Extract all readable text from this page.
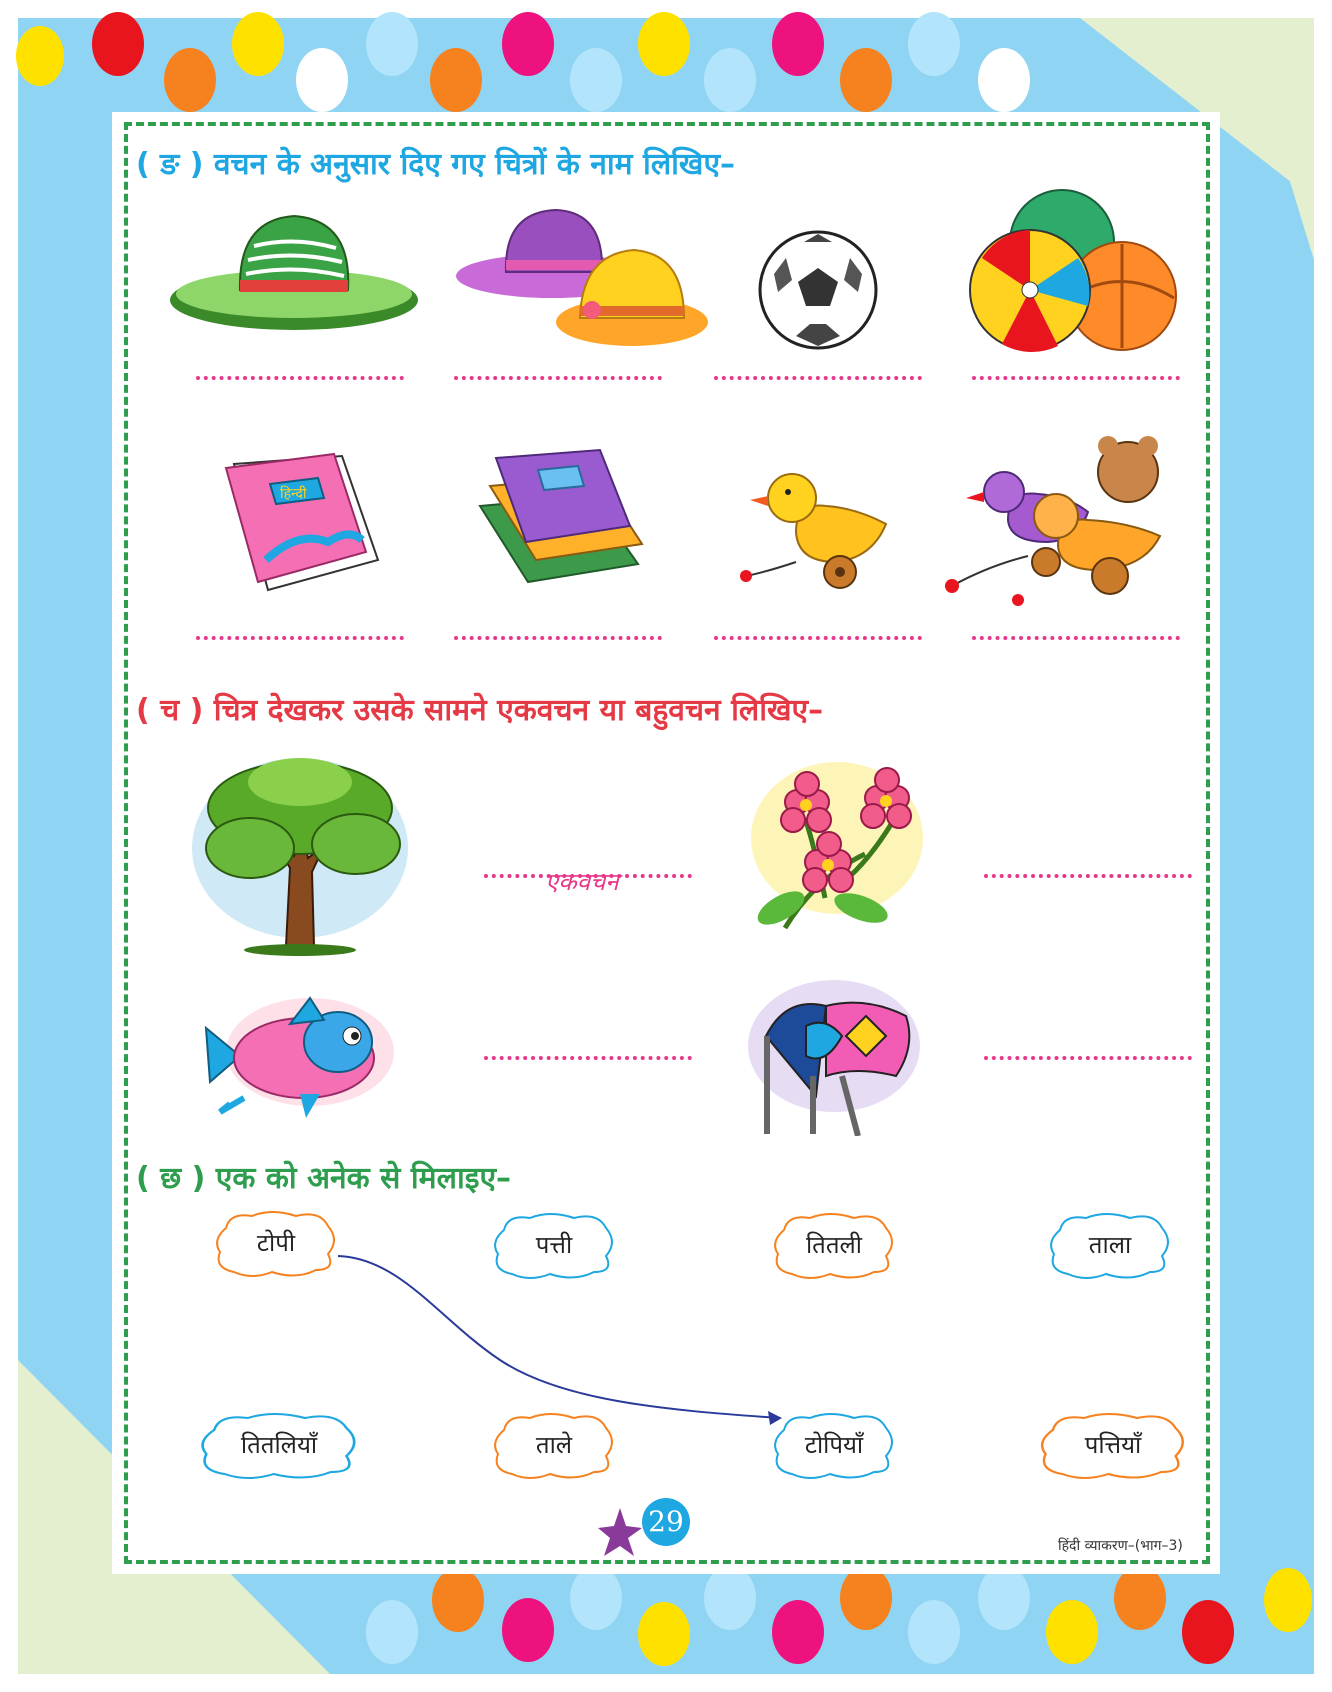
( ङ ) वचन के अनुसार दिए गए चित्रों के नाम लिखिए–
हिन्दी
( च ) चित्र देखकर उसके सामने एकवचन या बहुवचन लिखिए–
एकवचन
( छ ) एक को अनेक से मिलाइए–
टोपी	पत्ती	तितली	ताला
तितलियाँ	ताले	टोपियाँ	पत्तियाँ
29
हिंदी व्याकरण–(भाग–3)
